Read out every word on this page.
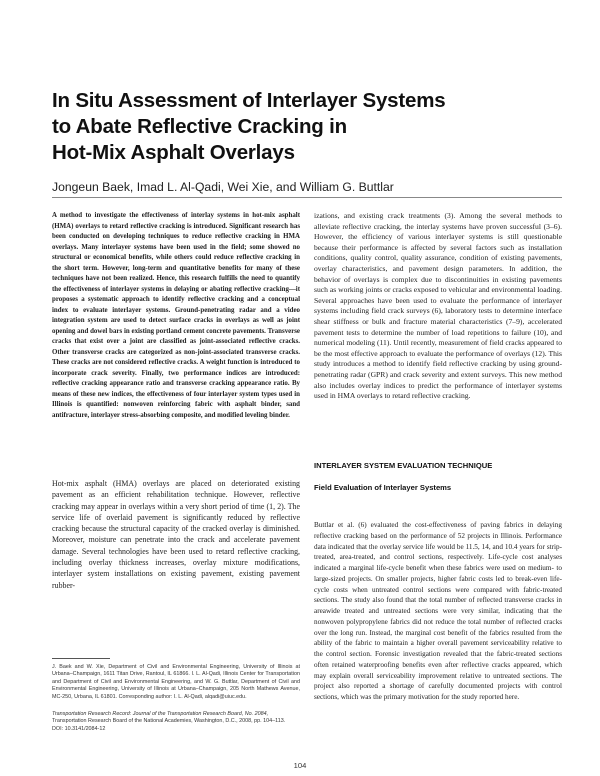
In Situ Assessment of Interlayer Systems
to Abate Reflective Cracking in
Hot-Mix Asphalt Overlays
Jongeun Baek, Imad L. Al-Qadi, Wei Xie, and William G. Buttlar

A method to investigate the effectiveness of interlay systems in hot-mix asphalt (HMA) overlays to retard reflective cracking is introduced. Significant research has been conducted on developing techniques to reduce reflective cracking in HMA overlays. Many interlayer systems have been used in the field; some showed no structural or economical benefits, while others could reduce reflective cracking in the short term. However, long-term and quantitative benefits for many of these techniques have not been realized. Hence, this research fulfills the need to quantify the effectiveness of interlayer systems in delaying or abating reflective cracking—it proposes a systematic approach to identify reflective cracking and a conceptual index to evaluate interlayer systems. Ground-penetrating radar and a video integration system are used to detect surface cracks in overlays as well as joint opening and dowel bars in existing portland cement concrete pavements. Transverse cracks that exist over a joint are classified as joint-associated reflective cracks. Other transverse cracks are categorized as non-joint-associated transverse cracks. These cracks are not considered reflective cracks. A weight function is introduced to incorporate crack severity. Finally, two performance indices are introduced: reflective cracking appearance ratio and transverse cracking appearance ratio. By means of these new indices, the effectiveness of four interlayer system types used in Illinois is quantified: nonwoven reinforcing fabric with asphalt binder, sand antifracture, interlayer stress-absorbing composite, and modified leveling binder.

Hot-mix asphalt (HMA) overlays are placed on deteriorated existing pavement as an efficient rehabilitation technique. However, reflective cracking may appear in overlays within a very short period of time (1, 2). The service life of overlaid pavement is significantly reduced by reflective cracking because the structural capacity of the cracked overlay is diminished. Moreover, moisture can penetrate into the crack and accelerate pavement damage. Several technologies have been used to retard reflective cracking, including overlay thickness increases, overlay mixture modifications, interlayer system installations on existing pavement, existing pavement rubber-

izations, and existing crack treatments (3). Among the several methods to alleviate reflective cracking, the interlay systems have proven successful (3–6). However, the efficiency of various interlayer systems is still questionable because their performance is affected by several factors such as installation conditions, quality control, quality assurance, condition of existing pavements, overlay characteristics, and pavement design parameters. In addition, the behavior of overlays is complex due to discontinuities in existing pavements such as working joints or cracks exposed to vehicular and environmental loading. Several approaches have been used to evaluate the performance of interlayer systems including field crack surveys (6), laboratory tests to determine interface shear stiffness or bulk and fracture material characteristics (7–9), accelerated pavement tests to determine the number of load repetitions to failure (10), and numerical modeling (11). Until recently, measurement of field cracks appeared to be the most effective approach to evaluate the performance of overlays (12). This study introduces a method to identify field reflective cracking by using ground-penetrating radar (GPR) and crack severity and extent surveys. This new method also includes overlay indices to predict the performance of interlayer systems used in HMA overlays to retard reflective cracking.

INTERLAYER SYSTEM EVALUATION TECHNIQUE
Field Evaluation of Interlayer Systems

Buttlar et al. (6) evaluated the cost-effectiveness of paving fabrics in delaying reflective cracking based on the performance of 52 projects in Illinois. Performance data indicated that the overlay service life would be 11.5, 14, and 10.4 years for strip-treated, area-treated, and control sections, respectively. Life-cycle cost analyses indicated a marginal life-cycle benefit when these fabrics were used on medium- to large-sized projects. On smaller projects, higher fabric costs led to break-even life-cycle costs when untreated control sections were compared with fabric-treated sections. The study also found that the total number of reflected transverse cracks in areawide treated and untreated sections were very similar, indicating that the nonwoven polypropylene fabrics did not reduce the total number of reflected cracks over the long run. Instead, the marginal cost benefit of the fabrics resulted from the ability of the fabric to maintain a higher overall pavement serviceability relative to the control section. Forensic investigation revealed that the fabric-treated sections often retained waterproofing benefits even after reflective cracks appeared, which may explain overall serviceability improvement relative to untreated sections. The project also reported a shortage of carefully documented projects with control sections, which was the primary motivation for the study reported here.

J. Baek and W. Xie, Department of Civil and Environmental Engineering, University of Illinois at Urbana–Champaign, 1611 Titan Drive, Rantoul, IL 61866. I. L. Al-Qadi, Illinois Center for Transportation and Department of Civil and Environmental Engineering, and W. G. Buttlar, Department of Civil and Environmental Engineering, University of Illinois at Urbana–Champaign, 205 North Mathews Avenue, MC-250, Urbana, IL 61801. Corresponding author: I. L. Al-Qadi, alqadi@uiuc.edu.
Transportation Research Record: Journal of the Transportation Research Board, No. 2084, Transportation Research Board of the National Academies, Washington, D.C., 2008, pp. 104–113.
DOI: 10.3141/2084-12
104
